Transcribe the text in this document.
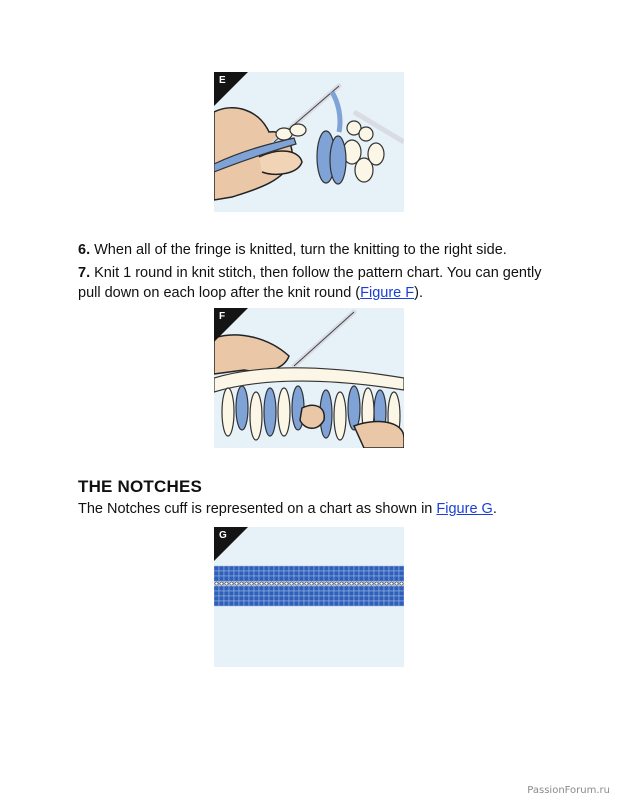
E
6. When all of the fringe is knitted, turn the knitting to the right side.
7. Knit 1 round in knit stitch, then follow the pattern chart. You can gently pull down on each loop after the knit round (Figure F).
F
THE NOTCHES
The Notches cuff is represented on a chart as shown in Figure G.
G
PassionForum.ru
